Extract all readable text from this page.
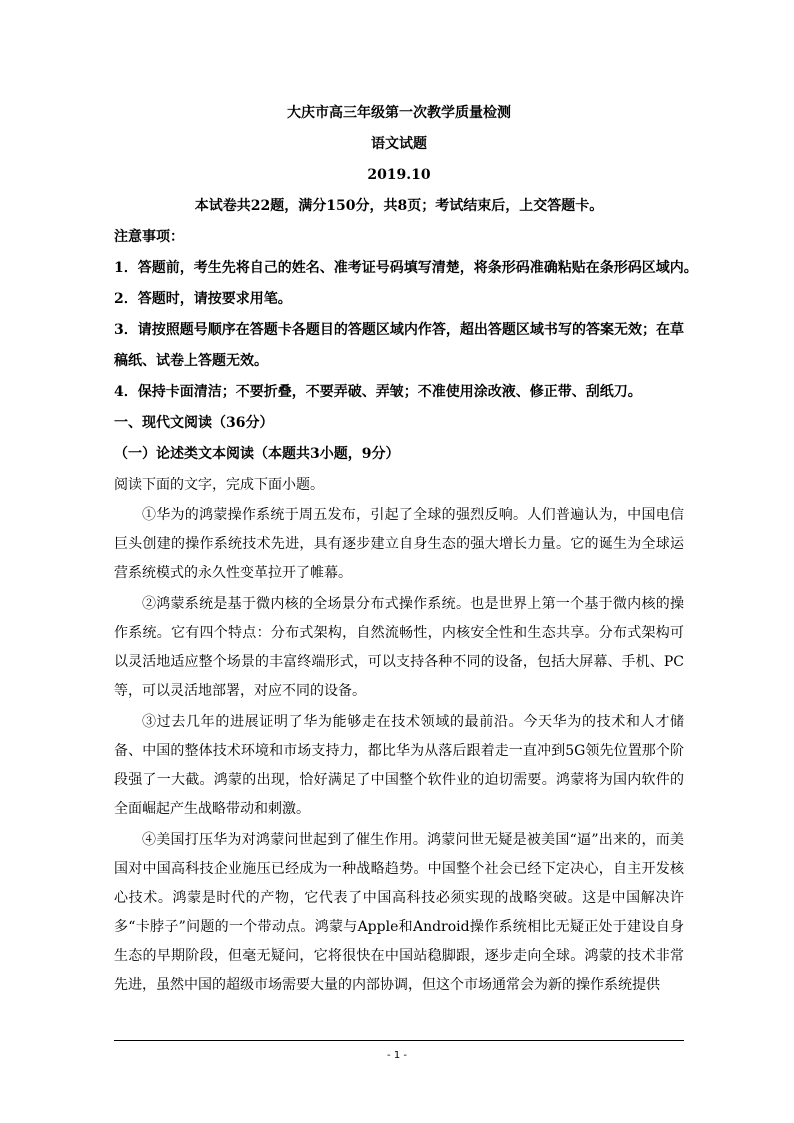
大庆市高三年级第一次教学质量检测

语文试题

2019.10

本试卷共22题，满分150分，共8页；考试结束后，上交答题卡。

注意事项：

1．答题前，考生先将自己的姓名、准考证号码填写清楚，将条形码准确粘贴在条形码区域内。

2．答题时，请按要求用笔。

3．请按照题号顺序在答题卡各题目的答题区域内作答，超出答题区域书写的答案无效；在草稿纸、试卷上答题无效。

4．保持卡面清洁；不要折叠，不要弄破、弄皱；不准使用涂改液、修正带、刮纸刀。

一、现代文阅读（36分）

（一）论述类文本阅读（本题共3小题，9分）

阅读下面的文字，完成下面小题。

①华为的鸿蒙操作系统于周五发布，引起了全球的强烈反响。人们普遍认为，中国电信巨头创建的操作系统技术先进，具有逐步建立自身生态的强大增长力量。它的诞生为全球运营系统模式的永久性变革拉开了帷幕。

②鸿蒙系统是基于微内核的全场景分布式操作系统。也是世界上第一个基于微内核的操作系统。它有四个特点：分布式架构，自然流畅性，内核安全性和生态共享。分布式架构可以灵活地适应整个场景的丰富终端形式，可以支持各种不同的设备，包括大屏幕、手机、PC等，可以灵活地部署，对应不同的设备。

③过去几年的进展证明了华为能够走在技术领域的最前沿。今天华为的技术和人才储备、中国的整体技术环境和市场支持力，都比华为从落后跟着走一直冲到5G领先位置那个阶段强了一大截。鸿蒙的出现，恰好满足了中国整个软件业的迫切需要。鸿蒙将为国内软件的全面崛起产生战略带动和刺激。

④美国打压华为对鸿蒙问世起到了催生作用。鸿蒙问世无疑是被美国“逼”出来的，而美国对中国高科技企业施压已经成为一种战略趋势。中国整个社会已经下定决心，自主开发核心技术。鸿蒙是时代的产物，它代表了中国高科技必须实现的战略突破。这是中国解决许多“卡脖子”问题的一个带动点。鸿蒙与Apple和Android操作系统相比无疑正处于建设自身生态的早期阶段，但毫无疑问，它将很快在中国站稳脚跟，逐步走向全球。鸿蒙的技术非常先进，虽然中国的超级市场需要大量的内部协调，但这个市场通常会为新的操作系统提供

- 1 -
